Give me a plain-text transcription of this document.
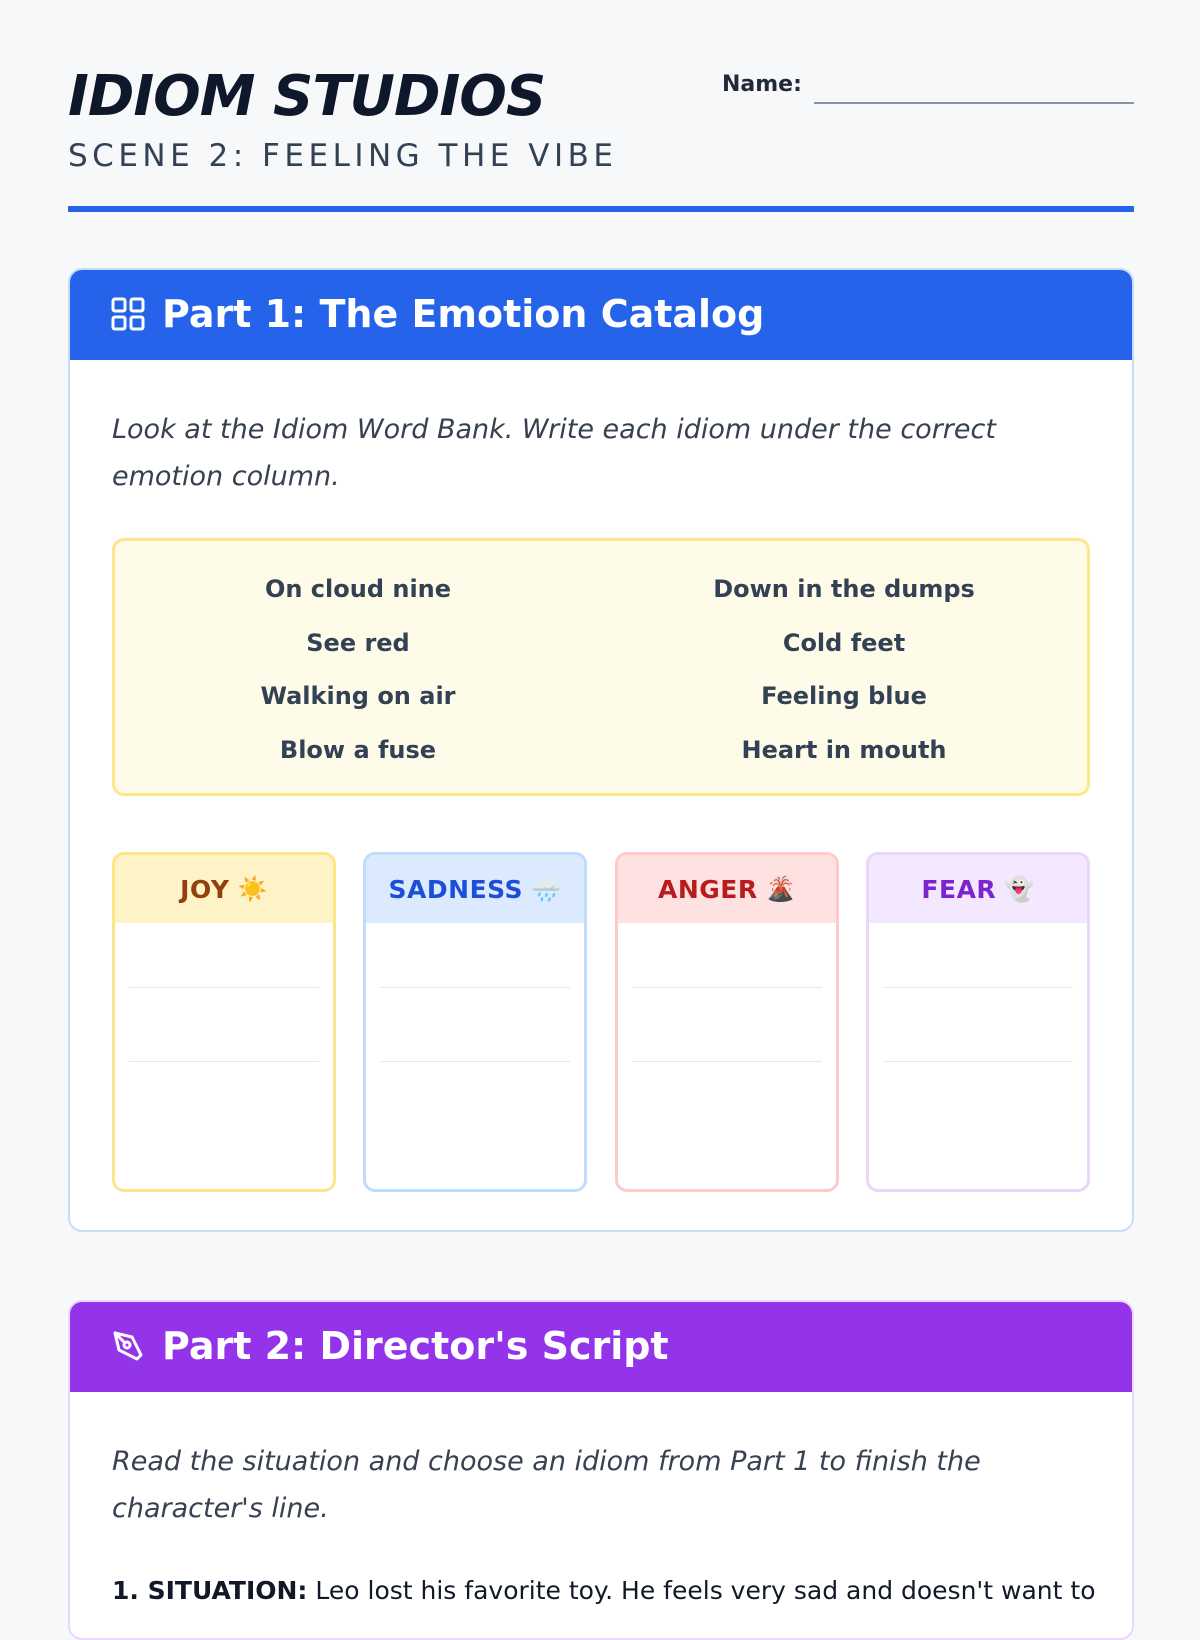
IDIOM STUDIOS
SCENE 2: FEELING THE VIBE
Name:
Part 1: The Emotion Catalog
Look at the Idiom Word Bank. Write each idiom under the correct emotion column.
On cloud nine	Down in the dumps
See red	Cold feet
Walking on air	Feeling blue
Blow a fuse	Heart in mouth
JOY ☀️	SADNESS 🌧️	ANGER 🌋	FEAR 👻
Part 2: Director's Script
Read the situation and choose an idiom from Part 1 to finish the character's line.
1. SITUATION: Leo lost his favorite toy. He feels very sad and doesn't want to
